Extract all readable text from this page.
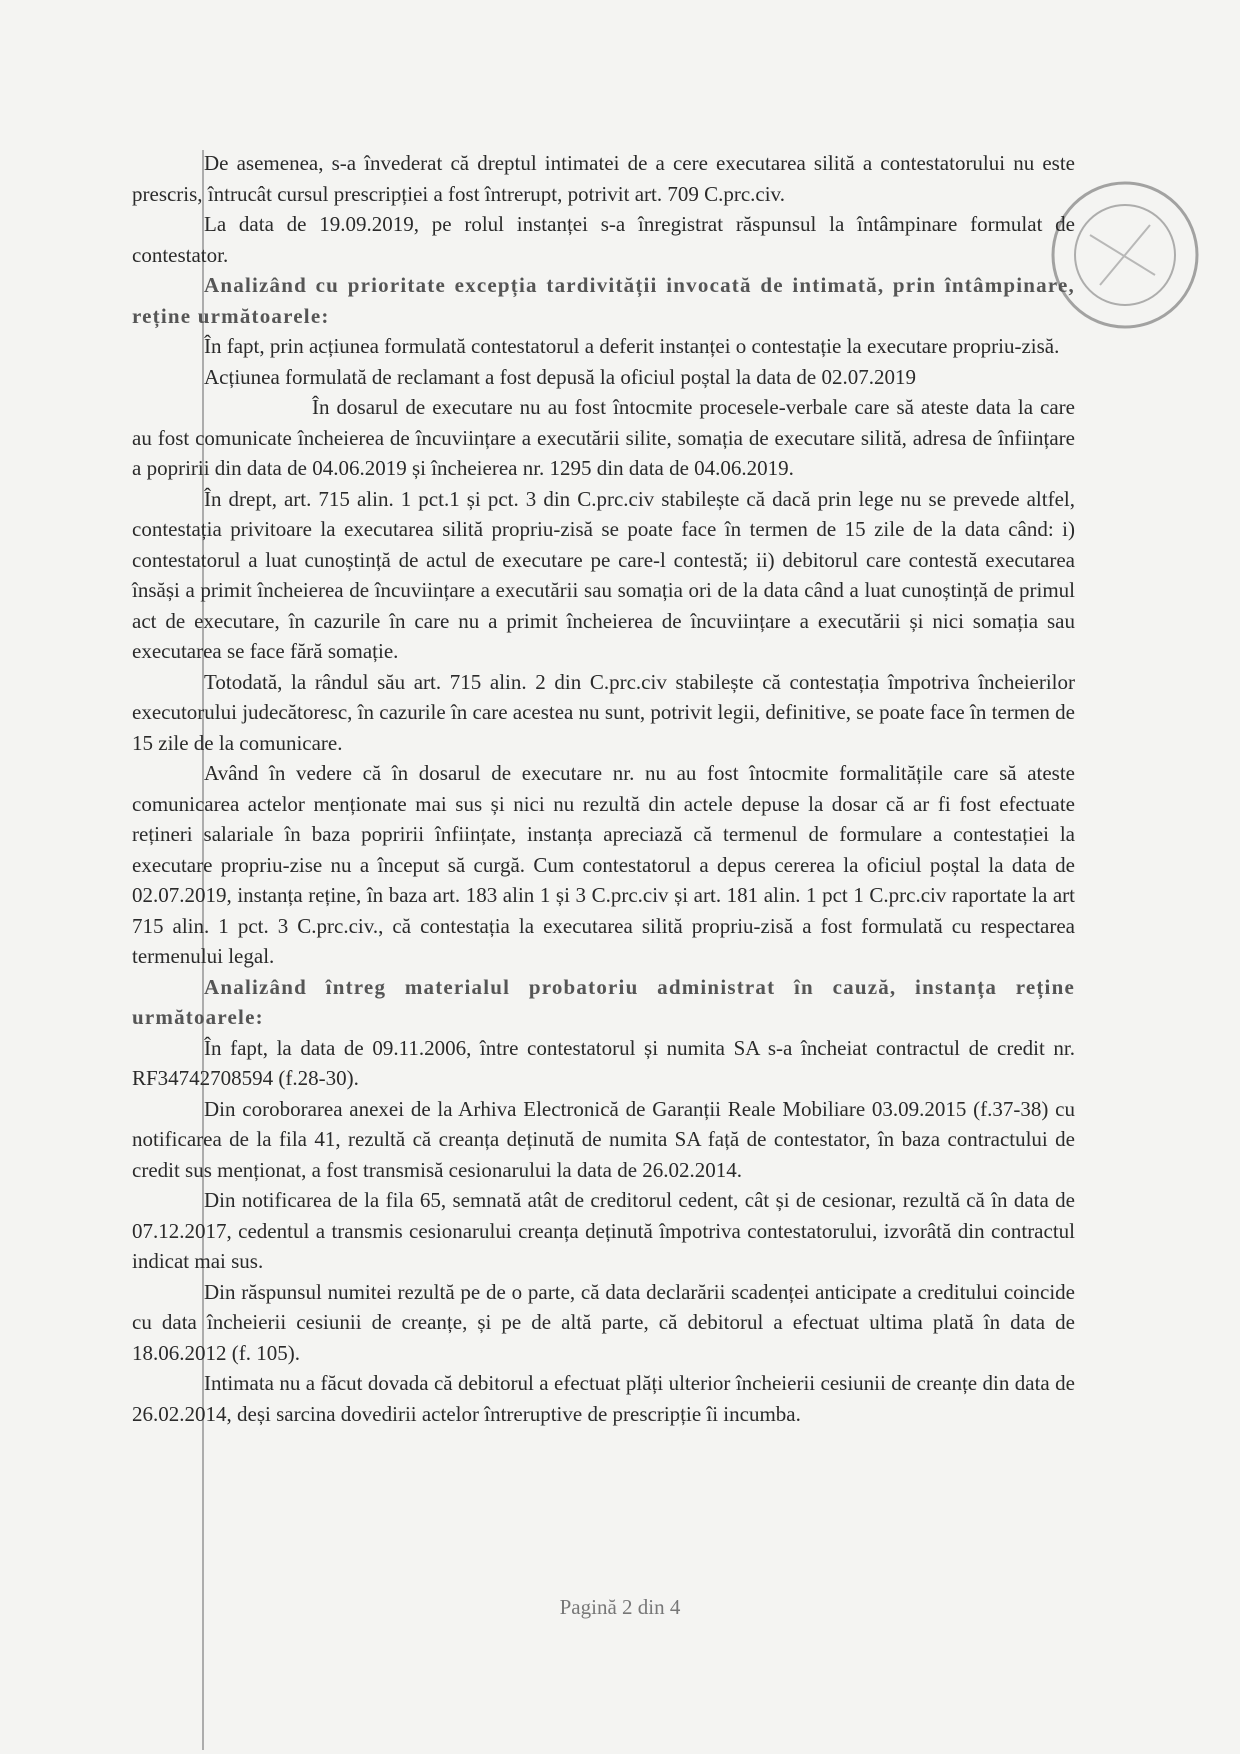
De asemenea, s-a învederat că dreptul intimatei de a cere executarea silită a contestatorului nu este prescris, întrucât cursul prescripției a fost întrerupt, potrivit art. 709 C.prc.civ.

La data de 19.09.2019, pe rolul instanței s-a înregistrat răspunsul la întâmpinare formulat de contestator.

Analizând cu prioritate excepția tardivității invocată de intimată, prin întâmpinare, reține următoarele:

În fapt, prin acțiunea formulată contestatorul a deferit instanței o contestație la executare propriu-zisă.

Acțiunea formulată de reclamant a fost depusă la oficiul poștal la data de 02.07.2019

În dosarul de executare nu au fost întocmite procesele-verbale care să ateste data la care au fost comunicate încheierea de încuviințare a executării silite, somația de executare silită, adresa de înființare a popririi din data de 04.06.2019 și încheierea nr. 1295 din data de 04.06.2019.

În drept, art. 715 alin. 1 pct.1 și pct. 3 din C.prc.civ stabilește că dacă prin lege nu se prevede altfel, contestația privitoare la executarea silită propriu-zisă se poate face în termen de 15 zile de la data când: i) contestatorul a luat cunoștință de actul de executare pe care-l contestă; ii) debitorul care contestă executarea însăși a primit încheierea de încuviințare a executării sau somația ori de la data când a luat cunoștință de primul act de executare, în cazurile în care nu a primit încheierea de încuviințare a executării și nici somația sau executarea se face fără somație.

Totodată, la rândul său art. 715 alin. 2 din C.prc.civ stabilește că contestația împotriva încheierilor executorului judecătoresc, în cazurile în care acestea nu sunt, potrivit legii, definitive, se poate face în termen de 15 zile de la comunicare.

Având în vedere că în dosarul de executare nr. nu au fost întocmite formalitățile care să ateste comunicarea actelor menționate mai sus și nici nu rezultă din actele depuse la dosar că ar fi fost efectuate rețineri salariale în baza popririi înființate, instanța apreciază că termenul de formulare a contestației la executare propriu-zise nu a început să curgă. Cum contestatorul a depus cererea la oficiul poștal la data de 02.07.2019, instanța reține, în baza art. 183 alin 1 și 3 C.prc.civ și art. 181 alin. 1 pct 1 C.prc.civ raportate la art 715 alin. 1 pct. 3 C.prc.civ., că contestația la executarea silită propriu-zisă a fost formulată cu respectarea termenului legal.

Analizând întreg materialul probatoriu administrat în cauză, instanța reține următoarele:

În fapt, la data de 09.11.2006, între contestatorul și numita SA s-a încheiat contractul de credit nr. RF34742708594 (f.28-30).

Din coroborarea anexei de la Arhiva Electronică de Garanții Reale Mobiliare 03.09.2015 (f.37-38) cu notificarea de la fila 41, rezultă că creanța deținută de numita SA față de contestator, în baza contractului de credit sus menționat, a fost transmisă cesionarului la data de 26.02.2014.

Din notificarea de la fila 65, semnată atât de creditorul cedent, cât și de cesionar, rezultă că în data de 07.12.2017, cedentul a transmis cesionarului creanța deținută împotriva contestatorului, izvorâtă din contractul indicat mai sus.

Din răspunsul numitei rezultă pe de o parte, că data declarării scadenței anticipate a creditului coincide cu data încheierii cesiunii de creanțe, și pe de altă parte, că debitorul a efectuat ultima plată în data de 18.06.2012 (f. 105).

Intimata nu a făcut dovada că debitorul a efectuat plăți ulterior încheierii cesiunii de creanțe din data de 26.02.2014, deși sarcina dovedirii actelor întreruptive de prescripție îi incumba.

Pagină 2 din 4
